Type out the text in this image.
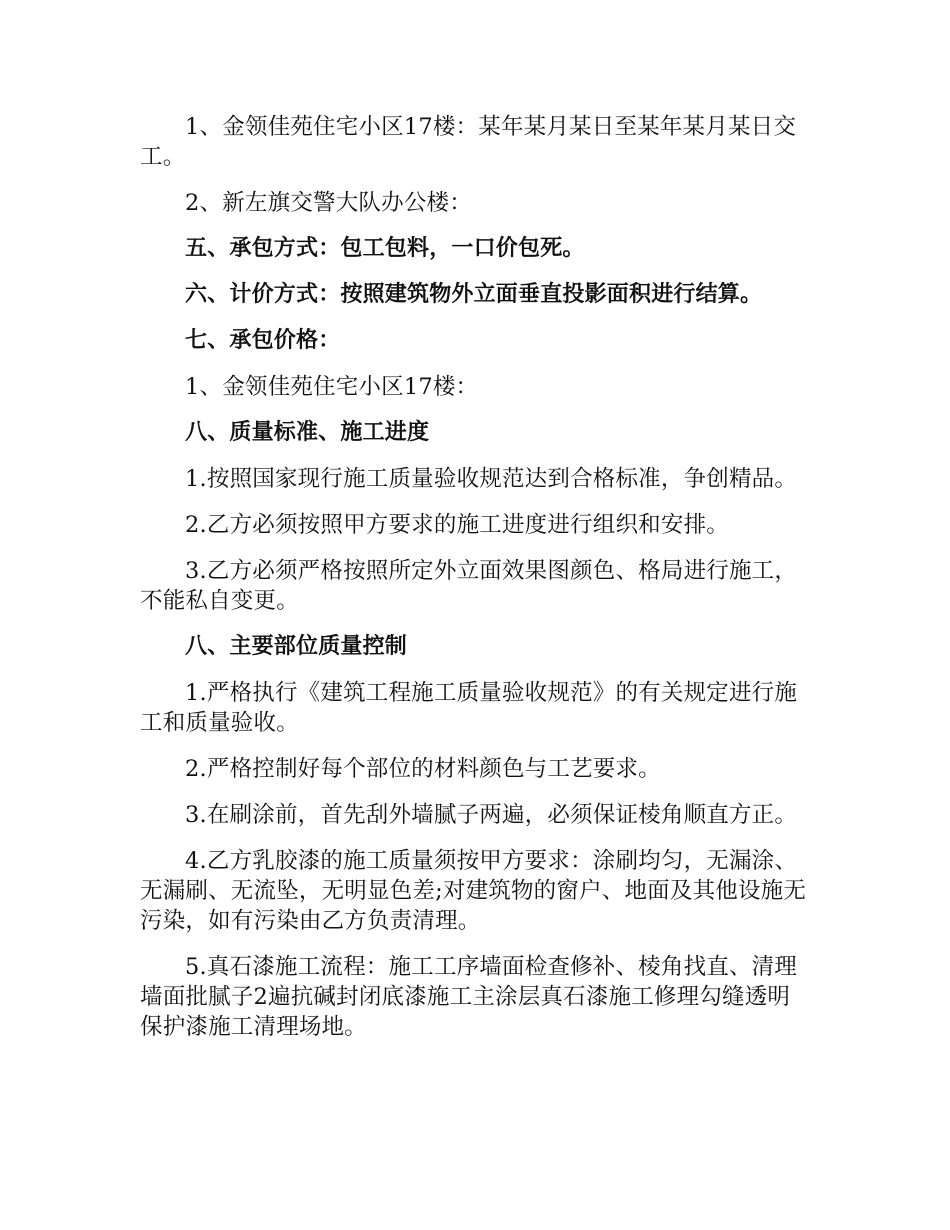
1、金领佳苑住宅小区17楼：某年某月某日至某年某月某日交工。

2、新左旗交警大队办公楼：

五、承包方式：包工包料，一口价包死。

六、计价方式：按照建筑物外立面垂直投影面积进行结算。

七、承包价格：

1、金领佳苑住宅小区17楼：

八、质量标准、施工进度

1.按照国家现行施工质量验收规范达到合格标准，争创精品。

2.乙方必须按照甲方要求的施工进度进行组织和安排。

3.乙方必须严格按照所定外立面效果图颜色、格局进行施工，不能私自变更。

八、主要部位质量控制

1.严格执行《建筑工程施工质量验收规范》的有关规定进行施工和质量验收。

2.严格控制好每个部位的材料颜色与工艺要求。

3.在刷涂前，首先刮外墙腻子两遍，必须保证棱角顺直方正。

4.乙方乳胶漆的施工质量须按甲方要求：涂刷均匀，无漏涂、无漏刷、无流坠，无明显色差;对建筑物的窗户、地面及其他设施无污染，如有污染由乙方负责清理。

5.真石漆施工流程：施工工序墙面检查修补、棱角找直、清理墙面批腻子2遍抗碱封闭底漆施工主涂层真石漆施工修理勾缝透明保护漆施工清理场地。
